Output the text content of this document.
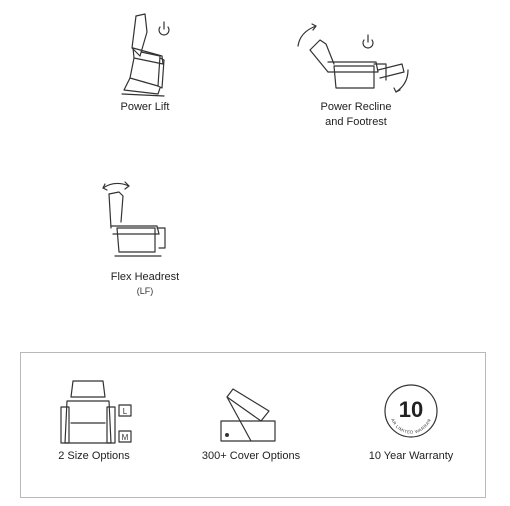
Power Lift	Power Recline
and Footrest
Flex Headrest
(LF)
L
M
2 Size Options	300+ Cover Options
AR LIMITED WARRAN
10
10 Year Warranty
